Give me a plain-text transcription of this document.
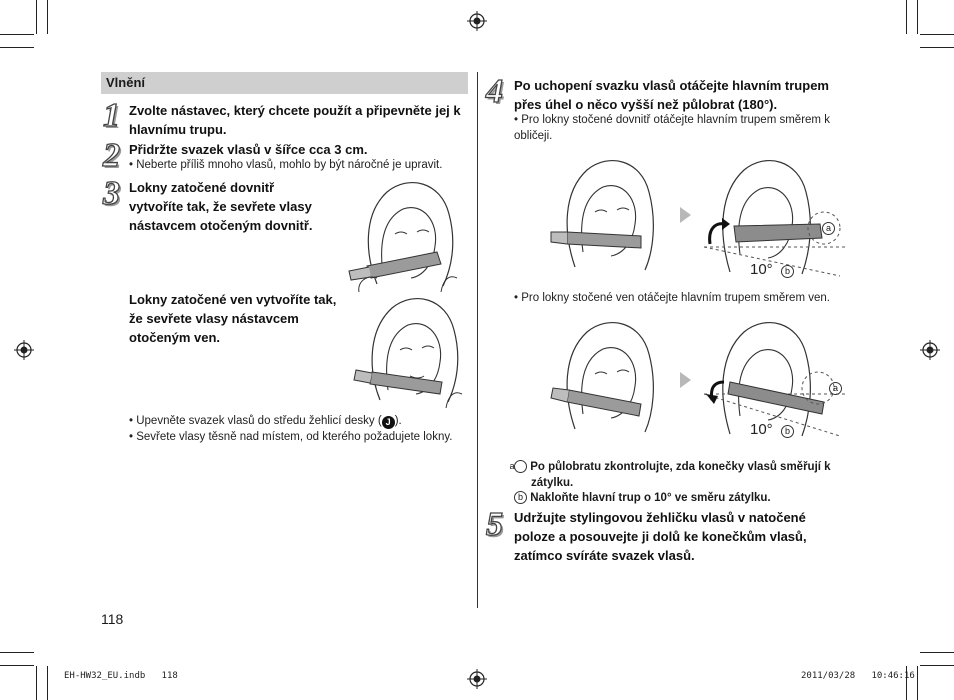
Vlnění
1 Zvolte nástavec, který chcete použít a připevněte jej k hlavnímu trupu.
2 Přidržte svazek vlasů v šířce cca 3 cm.
• Neberte příliš mnoho vlasů, mohlo by být náročné je upravit.
3 Lokny zatočené dovnitř vytvoříte tak, že sevřete vlasy nástavcem otočeným dovnitř.
Lokny zatočené ven vytvoříte tak, že sevřete vlasy nástavcem otočeným ven.
• Upevněte svazek vlasů do středu žehlicí desky ( J ).
• Sevřete vlasy těsně nad místem, od kterého požadujete lokny.
118
4 Po uchopení svazku vlasů otáčejte hlavním trupem přes úhel o něco vyšší než půlobrat (180°).
• Pro lokny stočené dovnitř otáčejte hlavním trupem směrem k obličeji.
10°	b
a
• Pro lokny stočené ven otáčejte hlavním trupem směrem ven.
10°	b
a
a Po půlobratu zkontrolujte, zda konečky vlasů směřují k zátylku.
b Nakloňte hlavní trup o 10° ve směru zátylku.
5 Udržujte stylingovou žehličku vlasů v natočené poloze a posouvejte ji dolů ke konečkům vlasů, zatímco svíráte svazek vlasů.
EH-HW32_EU.indb   118	2011/03/28   10:46:16
